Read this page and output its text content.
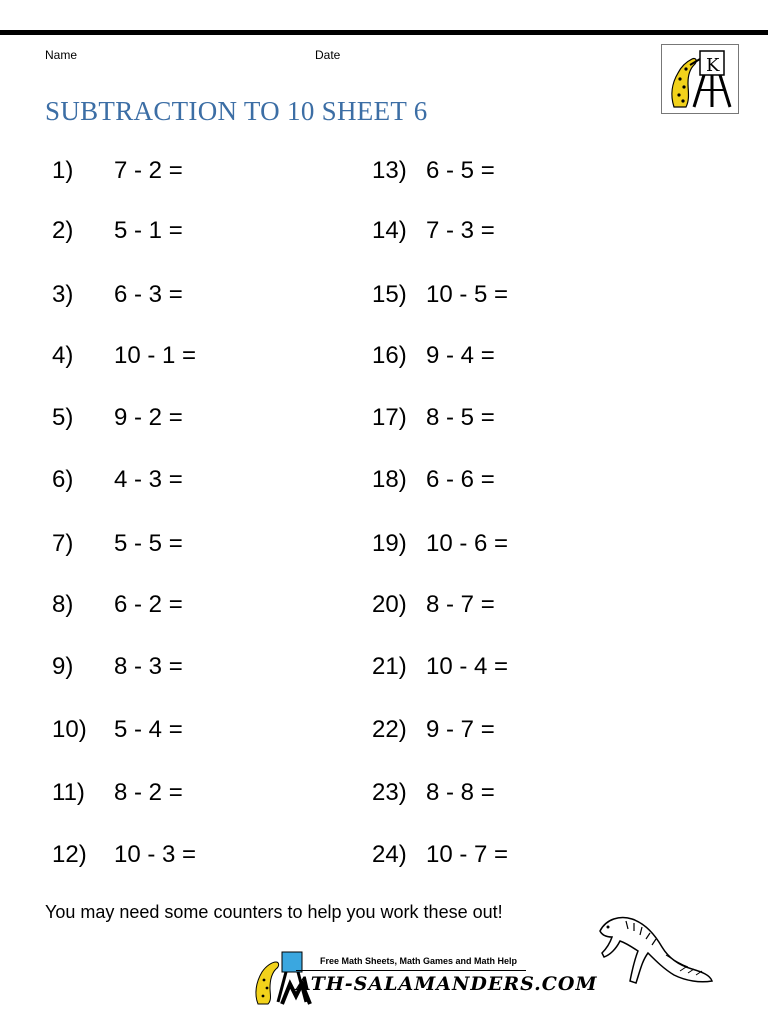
Name	Date
SUBTRACTION TO 10 SHEET 6
K
1) 7 - 2 =
2) 5 - 1 =
3) 6 - 3 =
4) 10 - 1 =
5) 9 - 2 =
6) 4 - 3 =
7) 5 - 5 =
8) 6 - 2 =
9) 8 - 3 =
10) 5 - 4 =
11) 8 - 2 =
12) 10 - 3 =
13) 6 - 5 =
14) 7 - 3 =
15) 10 - 5 =
16) 9 - 4 =
17) 8 - 5 =
18) 6 - 6 =
19) 10 - 6 =
20) 8 - 7 =
21) 10 - 4 =
22) 9 - 7 =
23) 8 - 8 =
24) 10 - 7 =
You may need some counters to help you work these out!
Free Math Sheets, Math Games and Math Help
ATH-SALAMANDERS.COM
